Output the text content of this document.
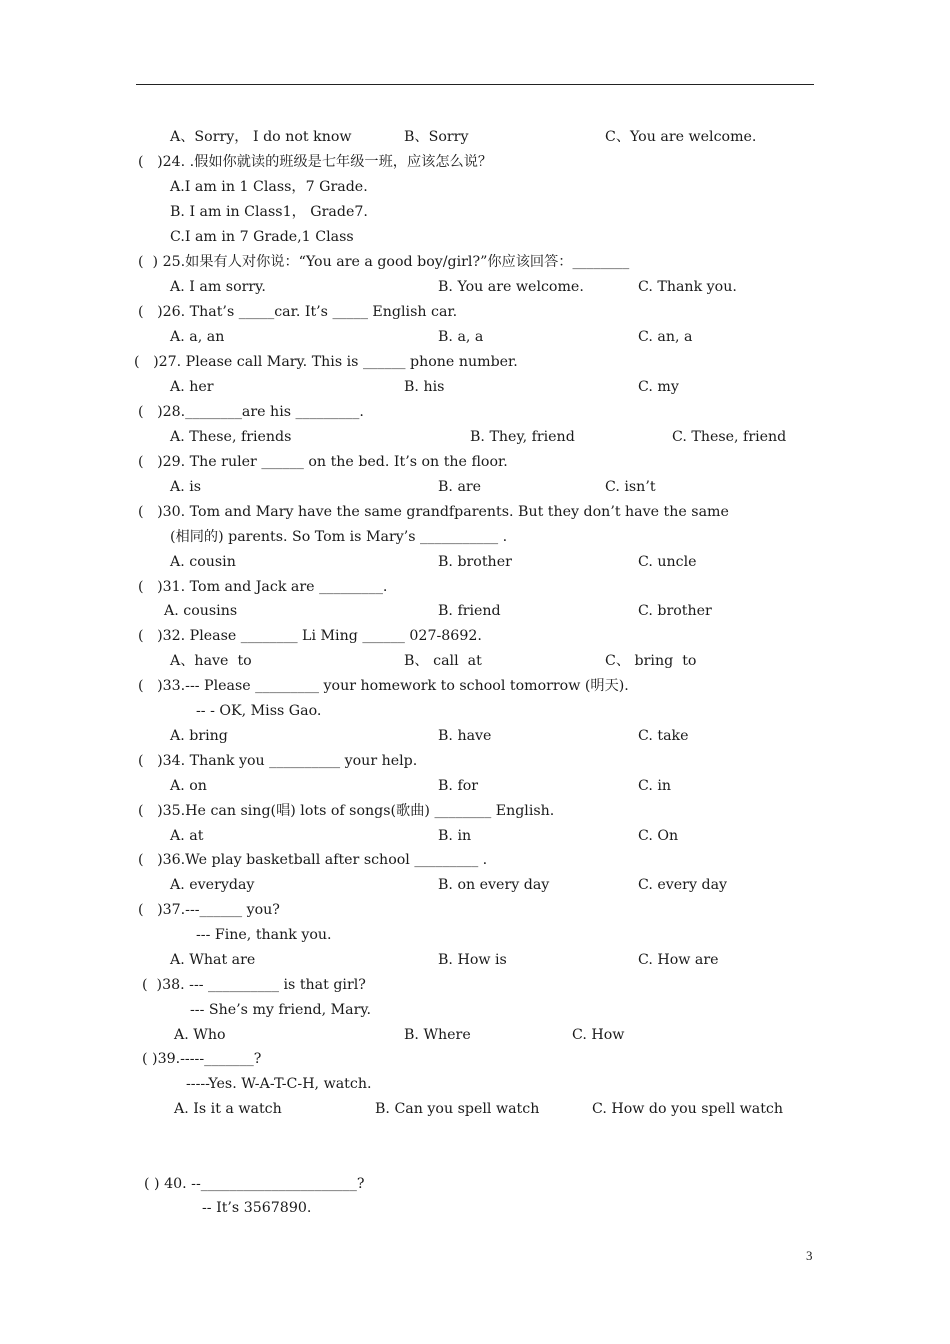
A、Sorry， I do not know	B、Sorry	C、You are welcome.
(   )24. .假如你就读的班级是七年级一班，应该怎么说？
A.I am in 1 Class，7 Grade.
B. I am in Class1， Grade7.
C.I am in 7 Grade,1 Class
(  ) 25.如果有人对你说：“You are a good boy/girl?”你应该回答：________
A. I am sorry.	B. You are welcome.	C. Thank you.
(   )26. That’s _____car. It’s _____ English car.
A. a, an	B. a, a	C. an, a
(   )27. Please call Mary. This is ______ phone number.
A. her	B. his	C. my
(   )28.________are his _________.
A. These, friends	B. They, friend	C. These, friend
(   )29. The ruler ______ on the bed. It’s on the floor.
A. is	B. are	C. isn’t
(   )30. Tom and Mary have the same grandfparents. But they don’t have the same
(相同的) parents. So Tom is Mary’s ___________ .
A. cousin	B. brother	C. uncle
(   )31. Tom and Jack are _________.
A. cousins	B. friend	C. brother
(   )32. Please ________ Li Ming ______ 027-8692.
A、have  to	B、 call  at	C、 bring  to
(   )33.--- Please _________ your homework to school tomorrow (明天).
-- - OK, Miss Gao.
A. bring	B. have	C. take
(   )34. Thank you __________ your help.
A. on	B. for	C. in
(   )35.He can sing(唱) lots of songs(歌曲) ________ English.
A. at	B. in	C. On
(   )36.We play basketball after school _________ .
A. everyday	B. on every day	C. every day
(   )37.---______ you?
--- Fine, thank you.
A. What are	B. How is	C. How are
(  )38. --- __________ is that girl?
--- She’s my friend, Mary.
A. Who	B. Where	C. How
( )39.-----_______?
-----Yes. W-A-T-C-H, watch.
A. Is it a watch	B. Can you spell watch	C. How do you spell watch
( ) 40. --______________________?
-- It’s 3567890.
3
